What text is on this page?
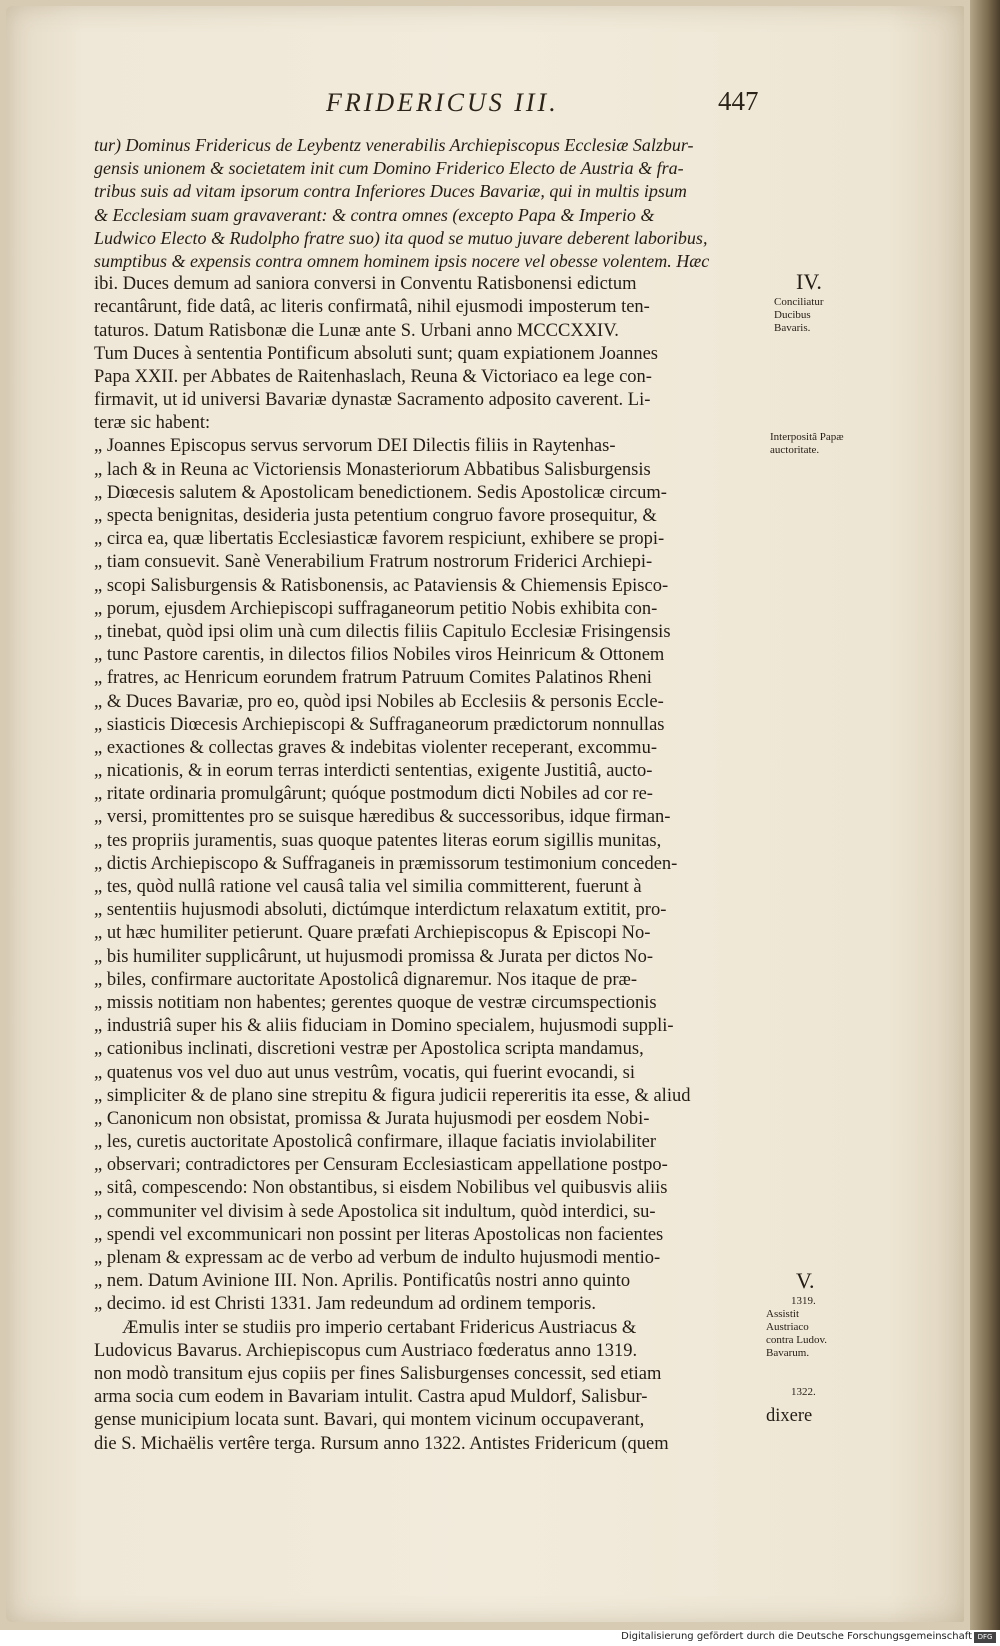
FRIDERICUS III.	447
tur) Dominus Fridericus de Leybentz venerabilis Archiepiscopus Ecclesiæ Salzbur-
gensis unionem & societatem init cum Domino Friderico Electo de Austria & fra-
tribus suis ad vitam ipsorum contra Inferiores Duces Bavariæ, qui in multis ipsum
& Ecclesiam suam gravaverant: & contra omnes (excepto Papa & Imperio &
Ludwico Electo & Rudolpho fratre suo) ita quod se mutuo juvare deberent laboribus,
sumptibus & expensis contra omnem hominem ipsis nocere vel obesse volentem. Hæc
ibi. Duces demum ad saniora conversi in Conventu Ratisbonensi edictum
recantârunt, fide datâ, ac literis confirmatâ, nihil ejusmodi imposterum ten-
taturos. Datum Ratisbonæ die Lunæ ante S. Urbani anno MCCCXXIV.
Tum Duces à sententia Pontificum absoluti sunt; quam expiationem Joannes
Papa XXII. per Abbates de Raitenhaslach, Reuna & Victoriaco ea lege con-
firmavit, ut id universi Bavariæ dynastæ Sacramento adposito caverent. Li-
teræ sic habent:
„ Joannes Episcopus servus servorum DEI Dilectis filiis in Raytenhas-
„ lach & in Reuna ac Victoriensis Monasteriorum Abbatibus Salisburgensis
„ Diœcesis salutem & Apostolicam benedictionem. Sedis Apostolicæ circum-
„ specta benignitas, desideria justa petentium congruo favore prosequitur, &
„ circa ea, quæ libertatis Ecclesiasticæ favorem respiciunt, exhibere se propi-
„ tiam consuevit. Sanè Venerabilium Fratrum nostrorum Friderici Archiepi-
„ scopi Salisburgensis & Ratisbonensis, ac Pataviensis & Chiemensis Episco-
„ porum, ejusdem Archiepiscopi suffraganeorum petitio Nobis exhibita con-
„ tinebat, quòd ipsi olim unà cum dilectis filiis Capitulo Ecclesiæ Frisingensis
„ tunc Pastore carentis, in dilectos filios Nobiles viros Heinricum & Ottonem
„ fratres, ac Henricum eorundem fratrum Patruum Comites Palatinos Rheni
„ & Duces Bavariæ, pro eo, quòd ipsi Nobiles ab Ecclesiis & personis Eccle-
„ siasticis Diœcesis Archiepiscopi & Suffraganeorum prædictorum nonnullas
„ exactiones & collectas graves & indebitas violenter receperant, excommu-
„ nicationis, & in eorum terras interdicti sententias, exigente Justitiâ, aucto-
„ ritate ordinaria promulgârunt; quóque postmodum dicti Nobiles ad cor re-
„ versi, promittentes pro se suisque hæredibus & successoribus, idque firman-
„ tes propriis juramentis, suas quoque patentes literas eorum sigillis munitas,
„ dictis Archiepiscopo & Suffraganeis in præmissorum testimonium conceden-
„ tes, quòd nullâ ratione vel causâ talia vel similia committerent, fuerunt à
„ sententiis hujusmodi absoluti, dictúmque interdictum relaxatum extitit, pro-
„ ut hæc humiliter petierunt. Quare præfati Archiepiscopus & Episcopi No-
„ bis humiliter supplicârunt, ut hujusmodi promissa & Jurata per dictos No-
„ biles, confirmare auctoritate Apostolicâ dignaremur. Nos itaque de præ-
„ missis notitiam non habentes; gerentes quoque de vestræ circumspectionis
„ industriâ super his & aliis fiduciam in Domino specialem, hujusmodi suppli-
„ cationibus inclinati, discretioni vestræ per Apostolica scripta mandamus,
„ quatenus vos vel duo aut unus vestrûm, vocatis, qui fuerint evocandi, si
„ simpliciter & de plano sine strepitu & figura judicii repereritis ita esse, & aliud
„ Canonicum non obsistat, promissa & Jurata hujusmodi per eosdem Nobi-
„ les, curetis auctoritate Apostolicâ confirmare, illaque faciatis inviolabiliter
„ observari; contradictores per Censuram Ecclesiasticam appellatione postpo-
„ sitâ, compescendo: Non obstantibus, si eisdem Nobilibus vel quibusvis aliis
„ communiter vel divisim à sede Apostolica sit indultum, quòd interdici, su-
„ spendi vel excommunicari non possint per literas Apostolicas non facientes
„ plenam & expressam ac de verbo ad verbum de indulto hujusmodi mentio-
„ nem. Datum Avinione III. Non. Aprilis. Pontificatûs nostri anno quinto
„ decimo. id est Christi 1331. Jam redeundum ad ordinem temporis.
Æmulis inter se studiis pro imperio certabant Fridericus Austriacus &
Ludovicus Bavarus. Archiepiscopus cum Austriaco fœderatus anno 1319.
non modò transitum ejus copiis per fines Salisburgenses concessit, sed etiam
arma socia cum eodem in Bavariam intulit. Castra apud Muldorf, Salisbur-
gense municipium locata sunt. Bavari, qui montem vicinum occupaverant,
die S. Michaëlis vertêre terga. Rursum anno 1322. Antistes Fridericum (quem
IV.
Conciliatur Ducibus Bavaris.
Interpositâ Papæ auctoritate.
V.
1319.
Assistit Austriaco contra Ludov. Bavarum.
1322.
dixere
Digitalisierung gefördert durch die Deutsche Forschungsgemeinschaft DFG
